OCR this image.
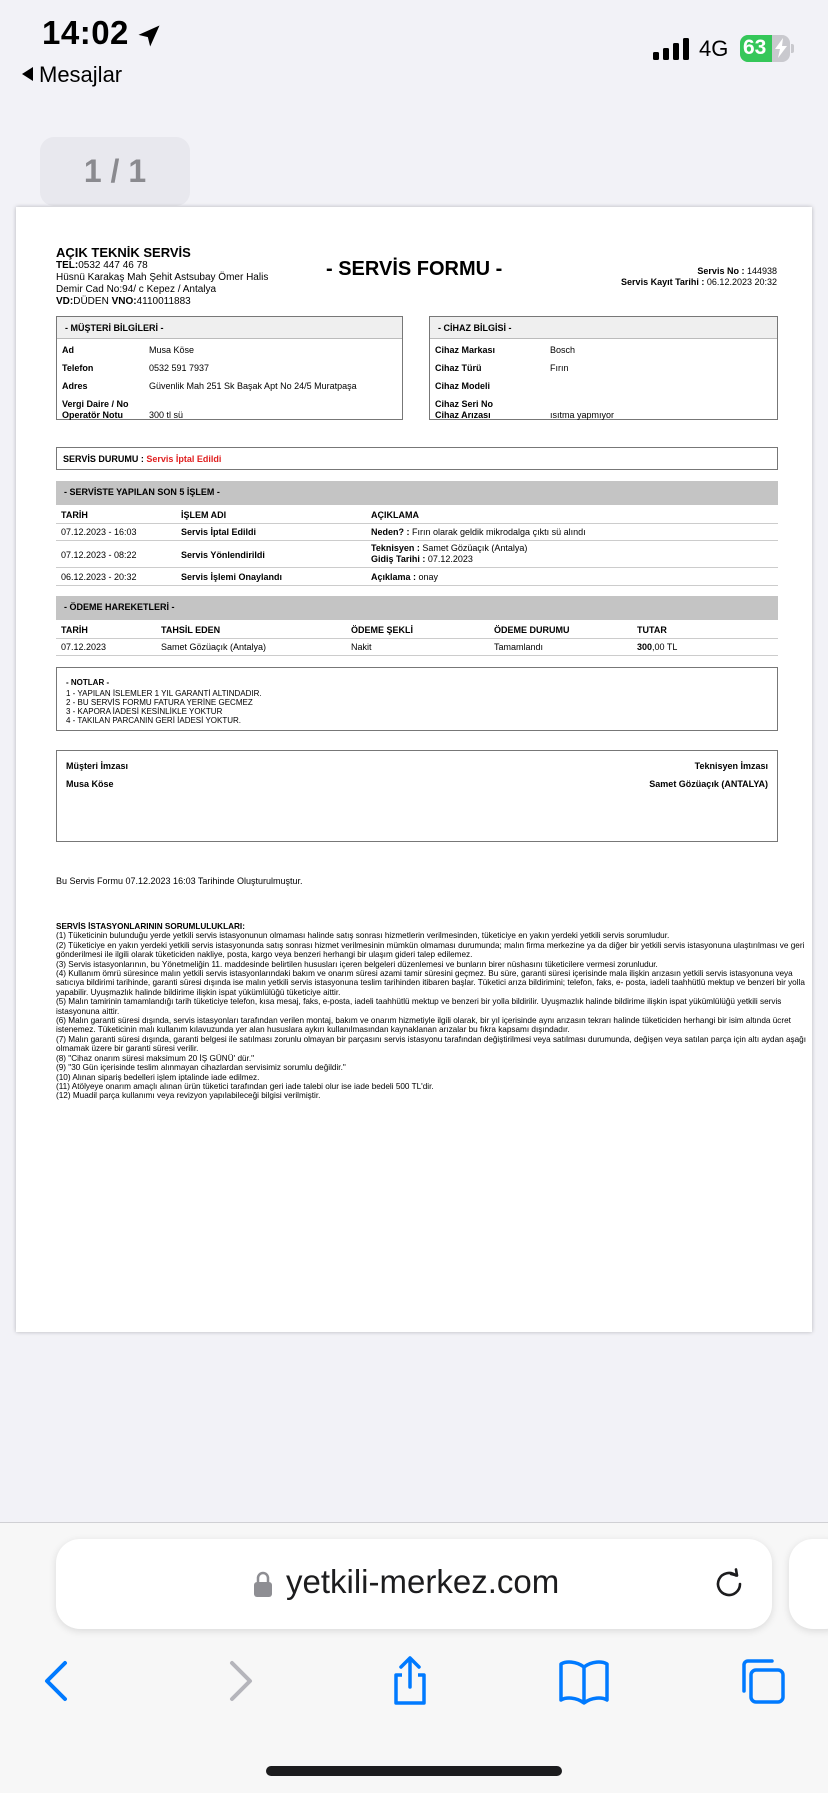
14:02
Mesajlar
4G 63
1 / 1
AÇIK TEKNİK SERVİS
TEL:0532 447 46 78
Hüsnü Karakaş Mah Şehit Astsubay Ömer Halis
Demir Cad No:94/ c Kepez / Antalya
VD:DÜDEN VNO:4110011883
- SERVİS FORMU -	Servis No : 144938
Servis Kayıt Tarihi : 06.12.2023 20:32
- MÜŞTERİ BİLGİLERİ -
Ad	Musa Köse
Telefon	0532 591 7937
Adres	Güvenlik Mah 251 Sk Başak Apt No 24/5 Muratpaşa
Vergi Daire / No
Operatör Notu	300 tl sü
- CİHAZ BİLGİSİ -
Cihaz Markası	Bosch
Cihaz Türü	Fırın
Cihaz Modeli
Cihaz Seri No
Cihaz Arızası	ısıtma yapmıyor
SERVİS DURUMU : Servis İptal Edildi
- SERVİSTE YAPILAN SON 5 İŞLEM -
TARİH	İŞLEM ADI	AÇIKLAMA
07.12.2023 - 16:03	Servis İptal Edildi	Neden? : Fırın olarak geldik mikrodalga çıktı sü alındı
07.12.2023 - 08:22	Servis Yönlendirildi
Teknisyen : Samet Gözüaçık (Antalya)
Gidiş Tarihi : 07.12.2023
06.12.2023 - 20:32	Servis İşlemi Onaylandı	Açıklama : onay
- ÖDEME HAREKETLERİ -
TARİH	TAHSİL EDEN	ÖDEME ŞEKLİ	ÖDEME DURUMU	TUTAR
07.12.2023	Samet Gözüaçık (Antalya)	Nakit	Tamamlandı	300,00 TL
- NOTLAR -
1 - YAPILAN İSLEMLER 1 YIL GARANTİ ALTINDADIR.
2 - BU SERVİS FORMU FATURA YERİNE GECMEZ
3 - KAPORA İADESİ KESİNLİKLE YOKTUR
4 - TAKILAN PARCANIN GERİ İADESİ YOKTUR.
Müşteri İmzası
Musa Köse
Teknisyen İmzası
Samet Gözüaçık (ANTALYA)
Bu Servis Formu 07.12.2023 16:03 Tarihinde Oluşturulmuştur.
SERVİS İSTASYONLARININ SORUMLULUKLARI:
(1) Tüketicinin bulunduğu yerde yetkili servis istasyonunun olmaması halinde satış sonrası hizmetlerin verilmesinden, tüketiciye en yakın yerdeki yetkili servis sorumludur.
(2) Tüketiciye en yakın yerdeki yetkili servis istasyonunda satış sonrası hizmet verilmesinin mümkün olmaması durumunda; malın firma merkezine ya da diğer bir yetkili servis istasyonuna ulaştırılması ve geri gönderilmesi ile ilgili olarak tüketiciden nakliye, posta, kargo veya benzeri herhangi bir ulaşım gideri talep edilemez.
(3) Servis istasyonlarının, bu Yönetmeliğin 11. maddesinde belirtilen hususları içeren belgeleri düzenlemesi ve bunların birer nüshasını tüketicilere vermesi zorunludur.
(4) Kullanım ömrü süresince malın yetkili servis istasyonlarındaki bakım ve onarım süresi azami tamir süresini geçmez. Bu süre, garanti süresi içerisinde mala ilişkin arızasın yetkili servis istasyonuna veya satıcıya bildirimi tarihinde, garanti süresi dışında ise malın yetkili servis istasyonuna teslim tarihinden itibaren başlar. Tüketici arıza bildirimini; telefon, faks, e- posta, iadeli taahhütlü mektup ve benzeri bir yolla yapabilir. Uyuşmazlık halinde bildirime ilişkin ispat yükümlülüğü tüketiciye aittir.
(5) Malın tamirinin tamamlandığı tarih tüketiciye telefon, kısa mesaj, faks, e-posta, iadeli taahhütlü mektup ve benzeri bir yolla bildirilir. Uyuşmazlık halinde bildirime ilişkin ispat yükümlülüğü yetkili servis istasyonuna aittir.
(6) Malın garanti süresi dışında, servis istasyonları tarafından verilen montaj, bakım ve onarım hizmetiyle ilgili olarak, bir yıl içerisinde aynı arızasın tekrarı halinde tüketiciden herhangi bir isim altında ücret istenemez. Tüketicinin malı kullanım kılavuzunda yer alan hususlara aykırı kullanılmasından kaynaklanan arızalar bu fıkra kapsamı dışındadır.
(7) Malın garanti süresi dışında, garanti belgesi ile satılması zorunlu olmayan bir parçasını servis istasyonu tarafından değiştirilmesi veya satılması durumunda, değişen veya satılan parça için altı aydan aşağı olmamak üzere bir garanti süresi verilir.
(8) "Cihaz onarım süresi maksimum 20 İŞ GÜNÜ' dür."
(9) "30 Gün içerisinde teslim alınmayan cihazlardan servisimiz sorumlu değildir."
(10) Alınan sipariş bedelleri işlem iptalinde iade edilmez.
(11) Atölyeye onarım amaçlı alınan ürün tüketici tarafından geri iade talebi olur ise iade bedeli 500 TL'dir.
(12) Muadil parça kullanımı veya revizyon yapılabileceği bilgisi verilmiştir.
yetkili-merkez.com
